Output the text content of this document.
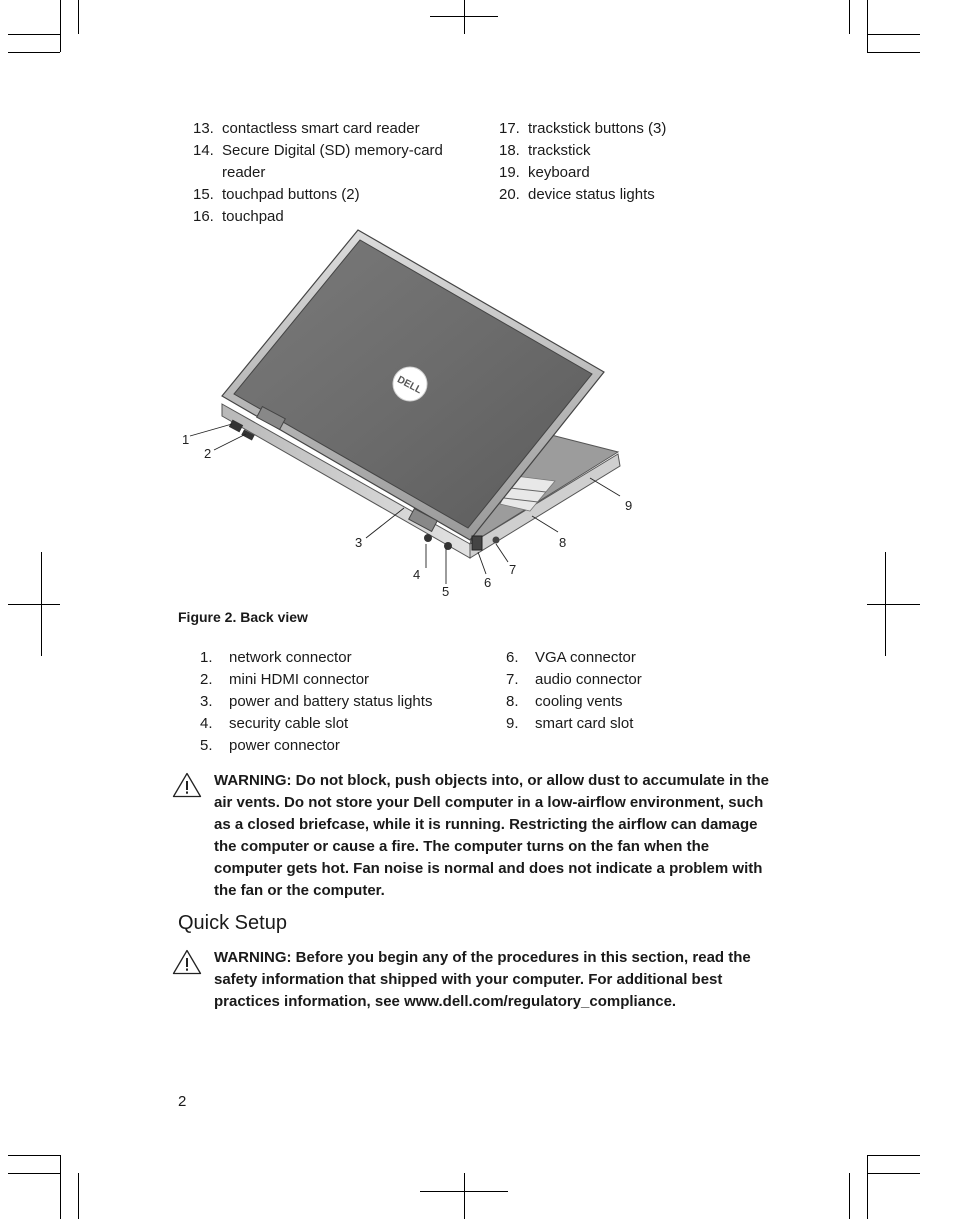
13. contactless smart card reader
14. Secure Digital (SD) memory-card reader
15. touchpad buttons (2)
16. touchpad
17. trackstick buttons (3)
18. trackstick
19. keyboard
20. device status lights
DELL
1
2
3
4
5
6
7
8
9
Figure 2. Back view
1.	network connector
2.	mini HDMI connector
3.	power and battery status lights
4.	security cable slot
5.	power connector
6.	VGA connector
7.	audio connector
8.	cooling vents
9.	smart card slot
WARNING: Do not block, push objects into, or allow dust to accumulate in the air vents. Do not store your Dell computer in a low-airflow environment, such as a closed briefcase, while it is running. Restricting the airflow can damage the computer or cause a fire. The computer turns on the fan when the computer gets hot. Fan noise is normal and does not indicate a problem with the fan or the computer.
Quick Setup
WARNING: Before you begin any of the procedures in this section, read the safety information that shipped with your computer. For additional best practices information, see www.dell.com/regulatory_compliance.
2
